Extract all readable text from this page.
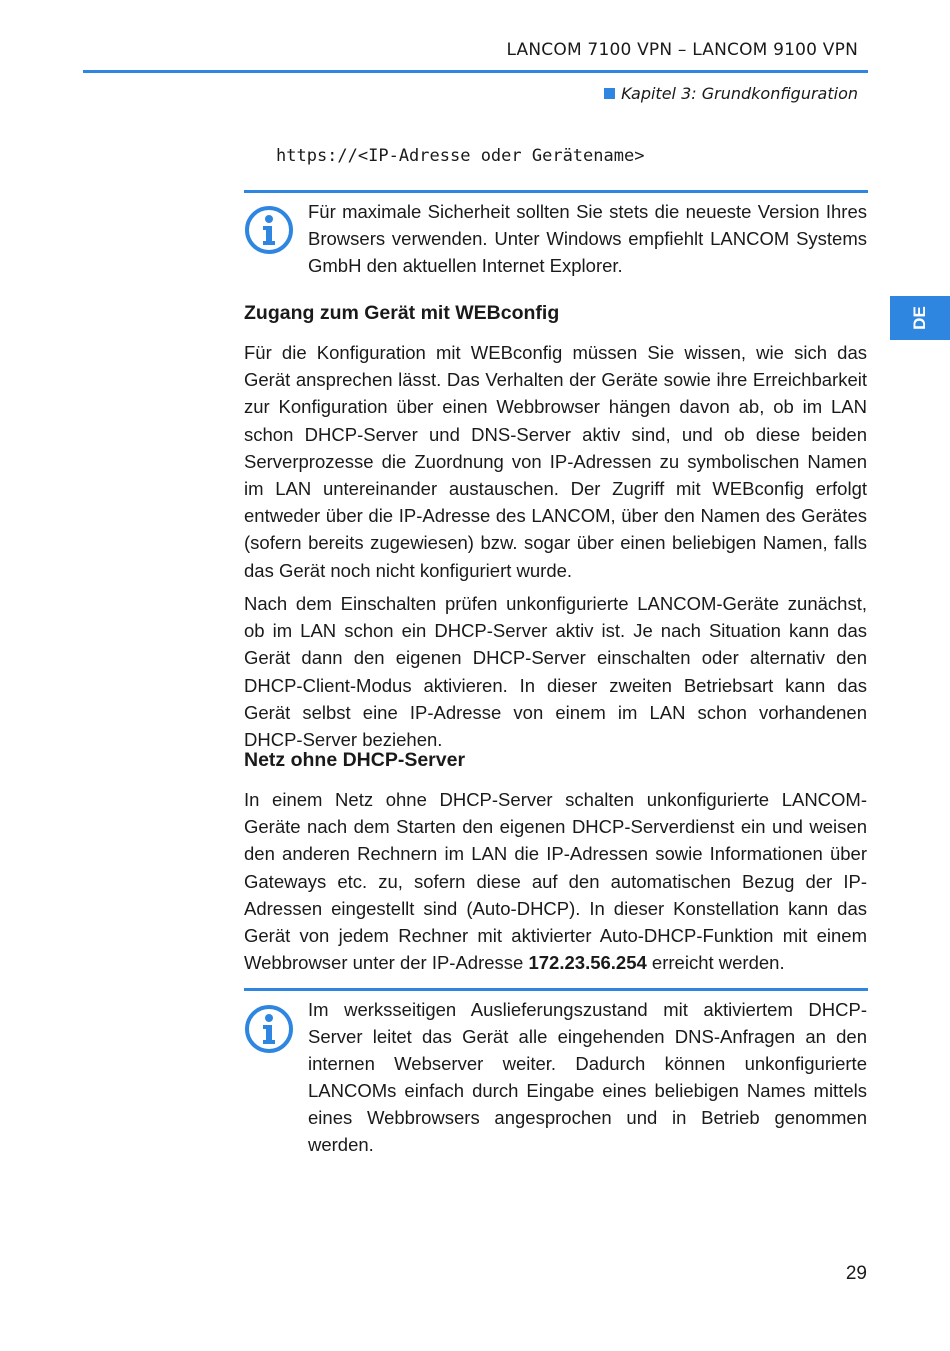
LANCOM 7100 VPN – LANCOM 9100 VPN
Kapitel 3: Grundkonfiguration
https://<IP-Adresse oder Gerätename>

Für maximale Sicherheit sollten Sie stets die neueste Version Ihres Browsers verwenden. Unter Windows empfiehlt LANCOM Systems GmbH den aktuellen Internet Explorer.

Zugang zum Gerät mit WEBconfig

Für die Konfiguration mit WEBconfig müssen Sie wissen, wie sich das Gerät ansprechen lässt. Das Verhalten der Geräte sowie ihre Erreichbarkeit zur Konfiguration über einen Webbrowser hängen davon ab, ob im LAN schon DHCP-Server und DNS-Server aktiv sind, und ob diese beiden Serverprozesse die Zuordnung von IP-Adressen zu symbolischen Namen im LAN untereinander austauschen. Der Zugriff mit WEBconfig erfolgt entweder über die IP-Adresse des LANCOM, über den Namen des Gerätes (sofern bereits zugewiesen) bzw. sogar über einen beliebigen Namen, falls das Gerät noch nicht konfiguriert wurde.

Nach dem Einschalten prüfen unkonfigurierte LANCOM-Geräte zunächst, ob im LAN schon ein DHCP-Server aktiv ist. Je nach Situation kann das Gerät dann den eigenen DHCP-Server einschalten oder alternativ den DHCP-Client-Modus aktivieren. In dieser zweiten Betriebsart kann das Gerät selbst eine IP-Adresse von einem im LAN schon vorhandenen DHCP-Server beziehen.

Netz ohne DHCP-Server

In einem Netz ohne DHCP-Server schalten unkonfigurierte LANCOM-Geräte nach dem Starten den eigenen DHCP-Serverdienst ein und weisen den anderen Rechnern im LAN die IP-Adressen sowie Informationen über Gateways etc. zu, sofern diese auf den automatischen Bezug der IP-Adressen eingestellt sind (Auto-DHCP). In dieser Konstellation kann das Gerät von jedem Rechner mit aktivierter Auto-DHCP-Funktion mit einem Webbrowser unter der IP-Adresse 172.23.56.254 erreicht werden.

Im werksseitigen Auslieferungszustand mit aktiviertem DHCP-Server leitet das Gerät alle eingehenden DNS-Anfragen an den internen Webserver weiter. Dadurch können unkonfigurierte LANCOMs einfach durch Eingabe eines beliebigen Names mittels eines Webbrowsers angesprochen und in Betrieb genommen werden.

DE
29
